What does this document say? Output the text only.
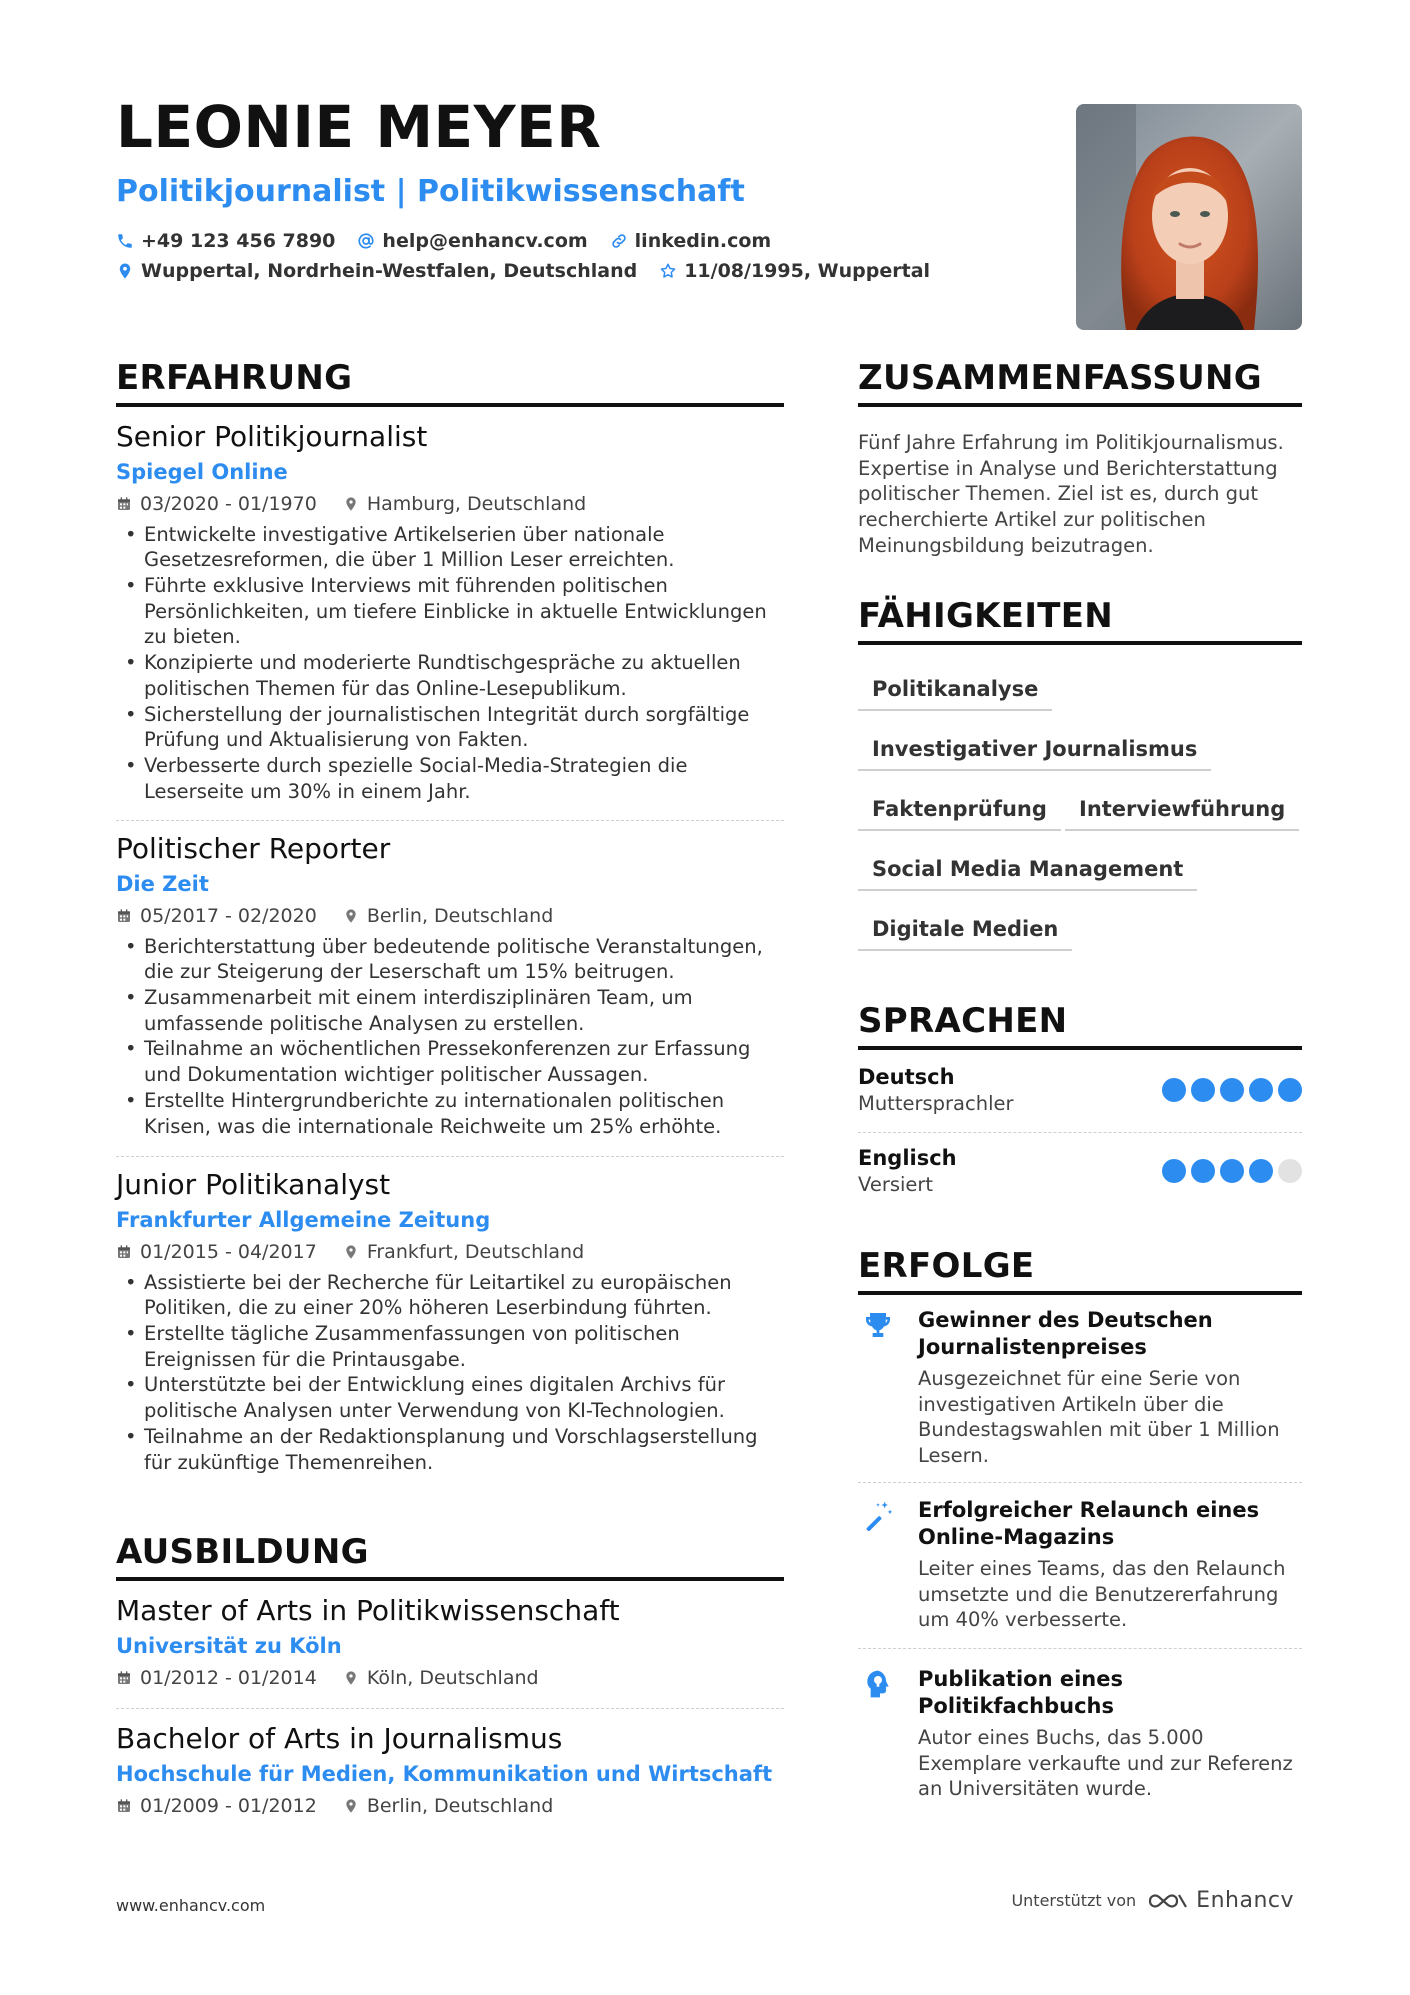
LEONIE MEYER
Politikjournalist | Politikwissenschaft
+49 123 456 7890 help@enhancv.com linkedin.com
Wuppertal, Nordrhein-Westfalen, Deutschland 11/08/1995, Wuppertal
ERFAHRUNG
Senior Politikjournalist
Spiegel Online
03/2020 - 01/1970	Hamburg, Deutschland
• Entwickelte investigative Artikelserien über nationale Gesetzesreformen, die über 1 Million Leser erreichten.
• Führte exklusive Interviews mit führenden politischen Persönlichkeiten, um tiefere Einblicke in aktuelle Entwicklungen zu bieten.
• Konzipierte und moderierte Rundtischgespräche zu aktuellen politischen Themen für das Online-Lesepublikum.
• Sicherstellung der journalistischen Integrität durch sorgfältige Prüfung und Aktualisierung von Fakten.
• Verbesserte durch spezielle Social-Media-Strategien die Leserseite um 30% in einem Jahr.
Politischer Reporter
Die Zeit
05/2017 - 02/2020	Berlin, Deutschland
• Berichterstattung über bedeutende politische Veranstaltungen, die zur Steigerung der Leserschaft um 15% beitrugen.
• Zusammenarbeit mit einem interdisziplinären Team, um umfassende politische Analysen zu erstellen.
• Teilnahme an wöchentlichen Pressekonferenzen zur Erfassung und Dokumentation wichtiger politischer Aussagen.
• Erstellte Hintergrundberichte zu internationalen politischen Krisen, was die internationale Reichweite um 25% erhöhte.
Junior Politikanalyst
Frankfurter Allgemeine Zeitung
01/2015 - 04/2017	Frankfurt, Deutschland
• Assistierte bei der Recherche für Leitartikel zu europäischen Politiken, die zu einer 20% höheren Leserbindung führten.
• Erstellte tägliche Zusammenfassungen von politischen Ereignissen für die Printausgabe.
• Unterstützte bei der Entwicklung eines digitalen Archivs für politische Analysen unter Verwendung von KI-Technologien.
• Teilnahme an der Redaktionsplanung und Vorschlagserstellung für zukünftige Themenreihen.
AUSBILDUNG
Master of Arts in Politikwissenschaft
Universität zu Köln
01/2012 - 01/2014	Köln, Deutschland
Bachelor of Arts in Journalismus
Hochschule für Medien, Kommunikation und Wirtschaft
01/2009 - 01/2012	Berlin, Deutschland
ZUSAMMENFASSUNG
Fünf Jahre Erfahrung im Politikjournalismus. Expertise in Analyse und Berichterstattung politischer Themen. Ziel ist es, durch gut recherchierte Artikel zur politischen Meinungsbildung beizutragen.
FÄHIGKEITEN
Politikanalyse
Investigativer Journalismus
Faktenprüfung	Interviewführung
Social Media Management
Digitale Medien
SPRACHEN
Deutsch
Muttersprachler
Englisch
Versiert
ERFOLGE
Gewinner des Deutschen Journalistenpreises
Ausgezeichnet für eine Serie von investigativen Artikeln über die Bundestagswahlen mit über 1 Million Lesern.
Erfolgreicher Relaunch eines Online-Magazins
Leiter eines Teams, das den Relaunch umsetzte und die Benutzererfahrung um 40% verbesserte.
Publikation eines Politikfachbuchs
Autor eines Buchs, das 5.000 Exemplare verkaufte und zur Referenz an Universitäten wurde.
www.enhancv.com	Unterstützt von	Enhancv
